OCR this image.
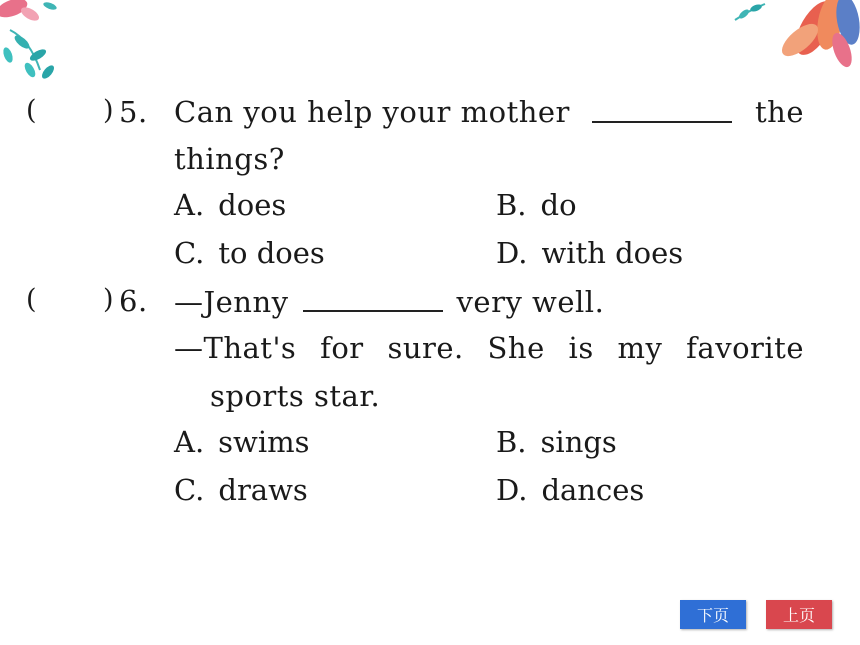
( ) 5. Can you help your mother	the
things?
A. does	B. do
C. to does	D. with does
( ) 6. —Jenny	very well.
—That's for sure. She is my favorite
sports star.
A. swims	B. sings
C. draws	D. dances
下页	上页
